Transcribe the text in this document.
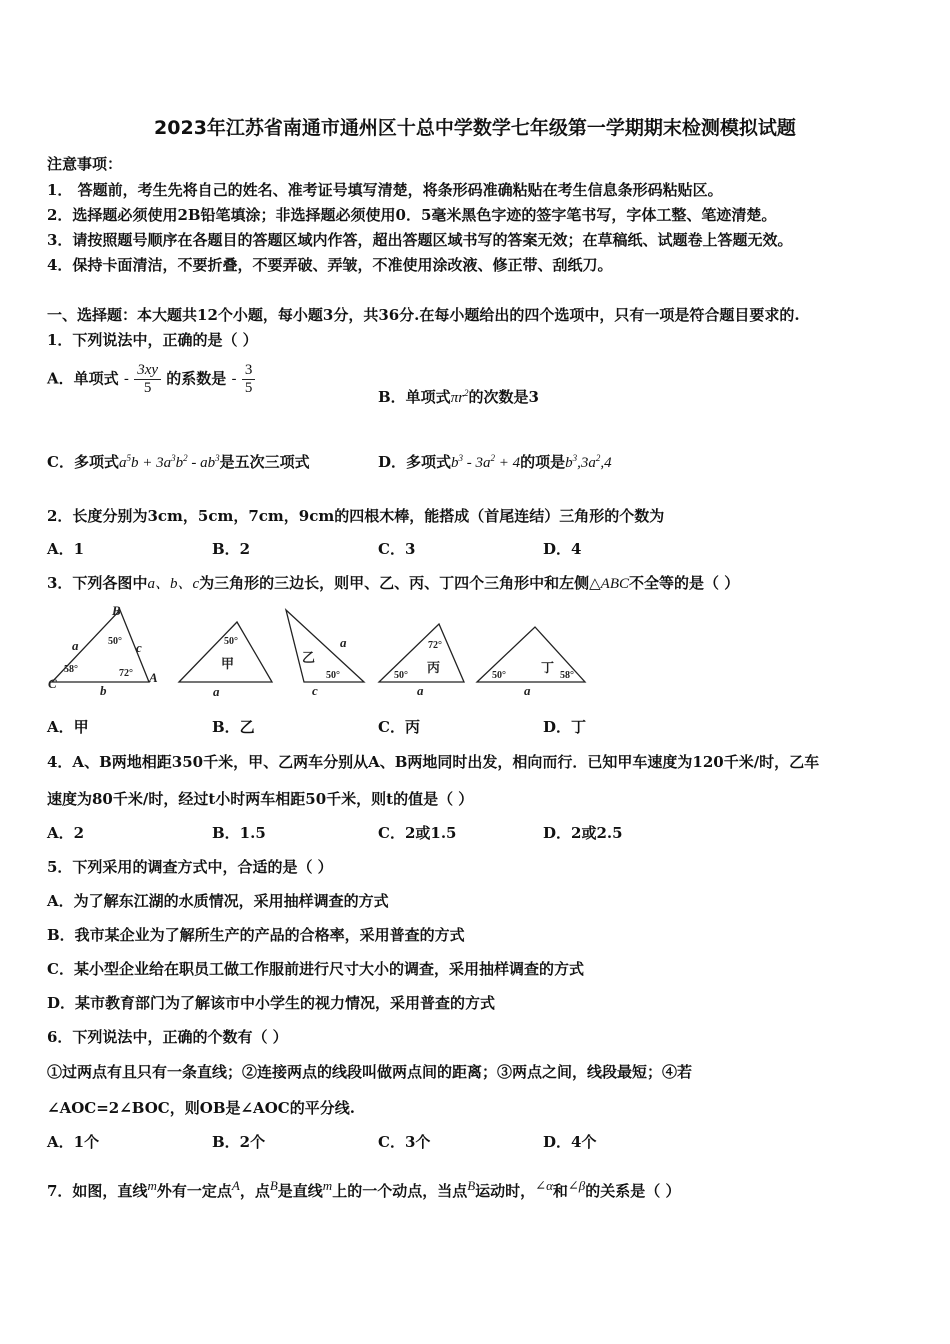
2023年江苏省南通市通州区十总中学数学七年级第一学期期末检测模拟试题
注意事项：
1． 答题前，考生先将自己的姓名、准考证号填写清楚，将条形码准确粘贴在考生信息条形码粘贴区。
2．选择题必须使用2B铅笔填涂；非选择题必须使用0．5毫米黑色字迹的签字笔书写，字体工整、笔迹清楚。
3．请按照题号顺序在各题目的答题区域内作答，超出答题区域书写的答案无效；在草稿纸、试题卷上答题无效。
4．保持卡面清洁，不要折叠，不要弄破、弄皱，不准使用涂改液、修正带、刮纸刀。
一、选择题：本大题共12个小题，每小题3分，共36分.在每小题给出的四个选项中，只有一项是符合题目要求的.
1．下列说法中，正确的是（ ）
A．单项式 - $\frac{3xy}{5}$ 的系数是 - $\frac{3}{5}$	B．单项式$\pi r^2$的次数是3
C．多项式$a^5b + 3a^3b^2 - ab^3$是五次三项式	D．多项式$b^3 - 3a^2 + 4$的项是$b^3,3a^2,4$
2．长度分别为3cm，5cm，7cm，9cm的四根木棒，能搭成（首尾连结）三角形的个数为
A．1	B．2	C．3	D．4
3．下列各图中a、b、c为三角形的三边长，则甲、乙、丙、丁四个三角形中和左侧△ABC不全等的是（ ）
B
A
C
a	c
b	a
a
c	a	a
50°
58°	72°
50°
50°
72°
50°	50°	58°
甲	乙
丙	丁
A．甲	B．乙	C．丙	D．丁
4．A、B两地相距350千米，甲、乙两车分别从A、B两地同时出发，相向而行．已知甲车速度为120千米/时，乙车
速度为80千米/时，经过t小时两车相距50千米，则t的值是（ ）
A．2	B．1.5	C．2或1.5	D．2或2.5
5．下列采用的调查方式中，合适的是（ ）
A．为了解东江湖的水质情况，采用抽样调查的方式
B．我市某企业为了解所生产的产品的合格率，采用普查的方式
C．某小型企业给在职员工做工作服前进行尺寸大小的调查，采用抽样调查的方式
D．某市教育部门为了解该市中小学生的视力情况，采用普查的方式
6．下列说法中，正确的个数有（ ）
①过两点有且只有一条直线；②连接两点的线段叫做两点间的距离；③两点之间，线段最短；④若
∠AOC=2∠BOC，则OB是∠AOC的平分线.
A．1个	B．2个	C．3个	D．4个
7．如图，直线$^m$外有一定点$^A$，点$^B$是直线$^m$上的一个动点，当点$^B$运动时，$^{\angle\alpha}$和$^{\angle\beta}$的关系是（ ）
